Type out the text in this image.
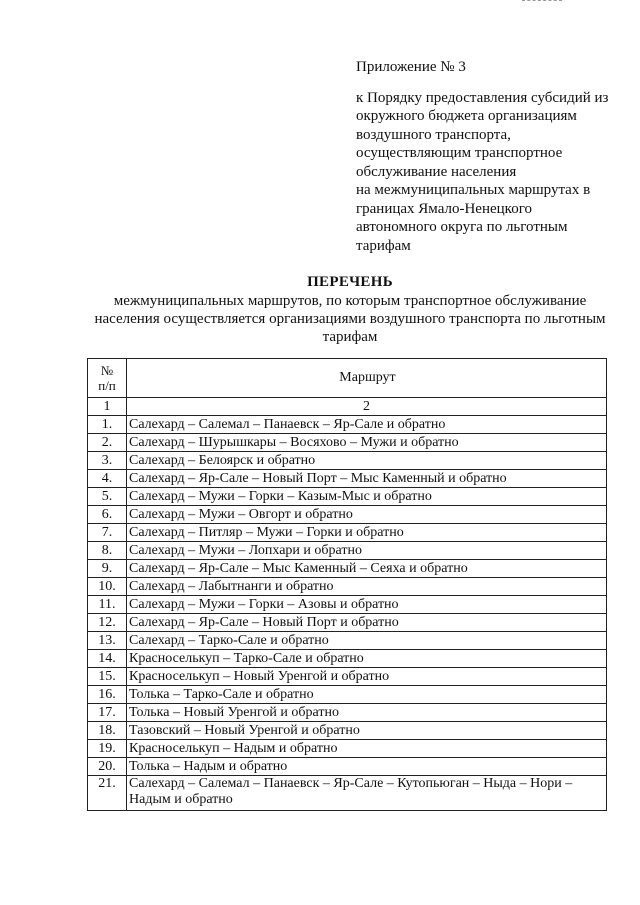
Приложение № 3
к Порядку предоставления субсидий из
окружного бюджета организациям
воздушного транспорта,
осуществляющим транспортное
обслуживание населения
на межмуниципальных маршрутах в
границах Ямало-Ненецкого
автономного округа по льготным
тарифам
ПЕРЕЧЕНЬ
межмуниципальных маршрутов, по которым транспортное обслуживание
населения осуществляется организациями воздушного транспорта по льготным
тарифам
№
п/п	Маршрут
1	2
1.	Салехард – Салемал – Панаевск – Яр-Сале и обратно
2.	Салехард – Шурышкары – Восяхово – Мужи и обратно
3.	Салехард – Белоярск и обратно
4.	Салехард – Яр-Сале – Новый Порт – Мыс Каменный и обратно
5.	Салехард – Мужи – Горки – Казым-Мыс и обратно
6.	Салехард – Мужи – Овгорт и обратно
7.	Салехард – Питляр – Мужи – Горки и обратно
8.	Салехард – Мужи – Лопхари и обратно
9.	Салехард – Яр-Сале – Мыс Каменный – Сеяха и обратно
10.	Салехард – Лабытнанги и обратно
11.	Салехард – Мужи – Горки – Азовы и обратно
12.	Салехард – Яр-Сале – Новый Порт и обратно
13.	Салехард – Тарко-Сале и обратно
14.	Красноселькуп – Тарко-Сале и обратно
15.	Красноселькуп – Новый Уренгой и обратно
16.	Толька – Тарко-Сале и обратно
17.	Толька – Новый Уренгой и обратно
18.	Тазовский – Новый Уренгой и обратно
19.	Красноселькуп – Надым и обратно
20.	Толька – Надым и обратно
21.	Салехард – Салемал – Панаевск – Яр-Сале – Кутопьюган – Ныда – Нори – Надым и обратно
